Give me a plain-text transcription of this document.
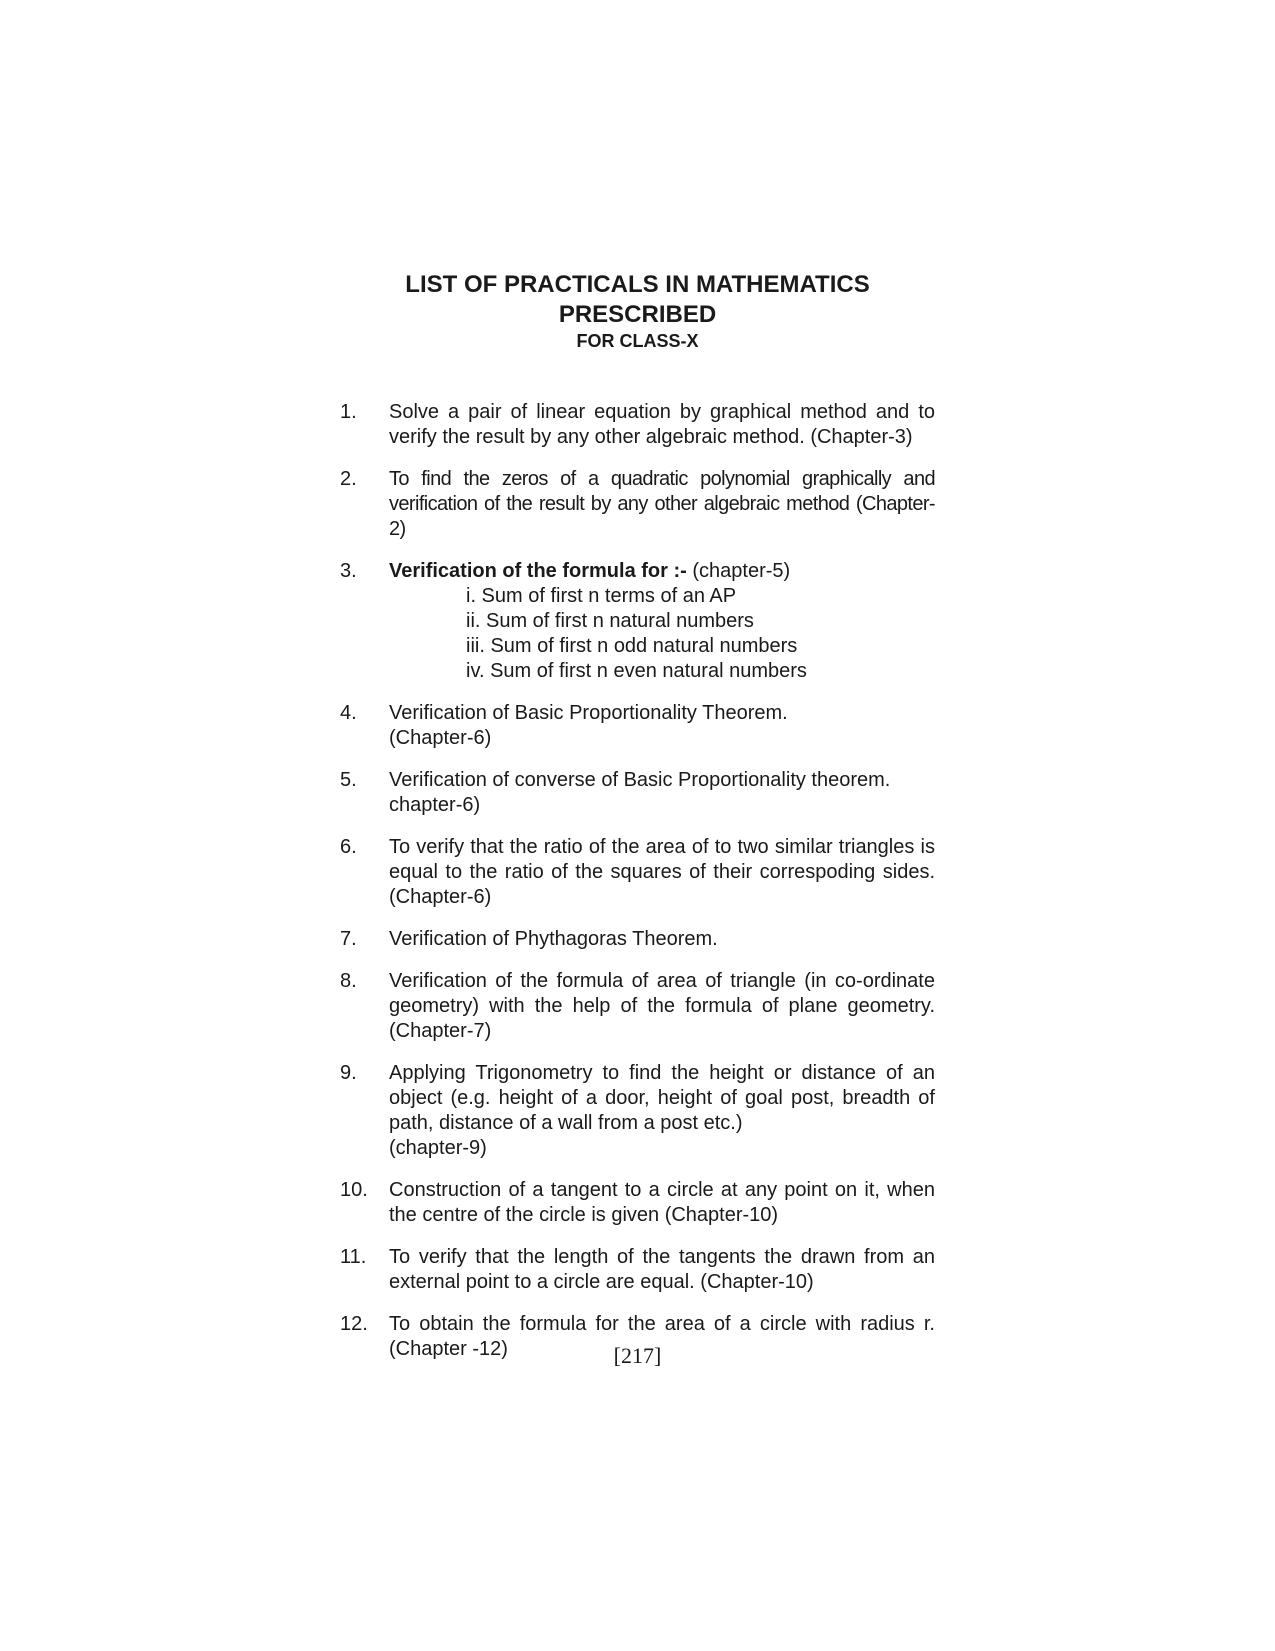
LIST OF PRACTICALS IN MATHEMATICS
PRESCRIBED
FOR CLASS-X
1.	Solve a pair of linear equation by graphical method and to verify the result by any other algebraic method. (Chapter-3)
2.	To find the zeros of a quadratic polynomial graphically and verification of the result by any other algebraic method (Chapter-2)
3.	Verification of the formula for :- (chapter-5)
i. Sum of first n terms of an AP
ii. Sum of first n natural numbers
iii. Sum of first n odd natural numbers
iv. Sum of first n even natural numbers
4.	Verification of Basic Proportionality Theorem.
(Chapter-6)
5.	Verification of converse of Basic Proportionality theorem.
chapter-6)
6.	To verify that the ratio of the area of to two similar triangles is equal to the ratio of the squares of their correspoding sides. (Chapter-6)
7.	Verification of Phythagoras Theorem.
8.	Verification of the formula of area of triangle (in co-ordinate geometry) with the help of the formula of plane geometry. (Chapter-7)
9.	Applying Trigonometry to find the height or distance of an object (e.g. height of a door, height of goal post, breadth of path, distance of a wall from a post etc.)
(chapter-9)
10.	Construction of a tangent to a circle at any point on it, when the centre of the circle is given (Chapter-10)
11.	To verify that the length of the tangents the drawn from an external point to a circle are equal. (Chapter-10)
12.	To obtain the formula for the area of a circle with radius r. (Chapter -12)	[217]
